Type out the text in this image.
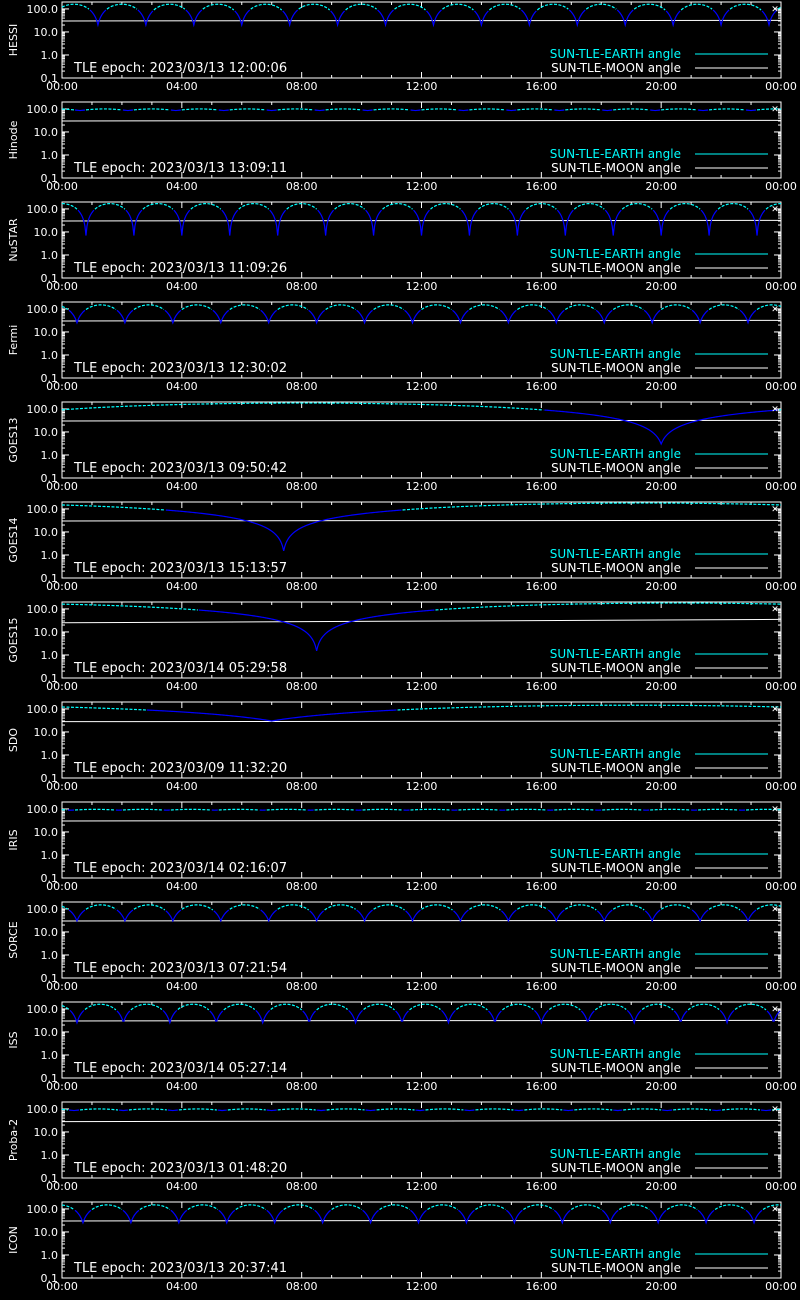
0.1
1.0
10.0
100.0
00:00	04:00	08:00	12:00	16:00	20:00	00:00
HESSI	SUN-TLE-EARTH angle
SUN-TLE-MOON angle
TLE epoch: 2023/03/13 12:00:06
✕
0.1
1.0
10.0
100.0
00:00	04:00	08:00	12:00	16:00	20:00	00:00
Hinode	SUN-TLE-EARTH angle
SUN-TLE-MOON angle
TLE epoch: 2023/03/13 13:09:11
✕
0.1
1.0
10.0
100.0
00:00	04:00	08:00	12:00	16:00	20:00	00:00
NuSTAR	SUN-TLE-EARTH angle
SUN-TLE-MOON angle
TLE epoch: 2023/03/13 11:09:26
✕
0.1
1.0
10.0
100.0
00:00	04:00	08:00	12:00	16:00	20:00	00:00
Fermi	SUN-TLE-EARTH angle
SUN-TLE-MOON angle
TLE epoch: 2023/03/13 12:30:02
✕
0.1
1.0
10.0
100.0
00:00	04:00	08:00	12:00	16:00	20:00	00:00
GOES13	SUN-TLE-EARTH angle
SUN-TLE-MOON angle
TLE epoch: 2023/03/13 09:50:42
✕
0.1
1.0
10.0
100.0
00:00	04:00	08:00	12:00	16:00	20:00	00:00
GOES14	SUN-TLE-EARTH angle
SUN-TLE-MOON angle
TLE epoch: 2023/03/13 15:13:57
✕
0.1
1.0
10.0
100.0
00:00	04:00	08:00	12:00	16:00	20:00	00:00
GOES15	SUN-TLE-EARTH angle
SUN-TLE-MOON angle
TLE epoch: 2023/03/14 05:29:58
✕
0.1
1.0
10.0
100.0
00:00	04:00	08:00	12:00	16:00	20:00	00:00
SDO
SUN-TLE-EARTH angle
SUN-TLE-MOON angle
TLE epoch: 2023/03/09 11:32:20
✕
0.1
1.0
10.0
100.0
00:00	04:00	08:00	12:00	16:00	20:00	00:00
IRIS
SUN-TLE-EARTH angle
SUN-TLE-MOON angle
TLE epoch: 2023/03/14 02:16:07
✕
0.1
1.0
10.0
100.0
00:00	04:00	08:00	12:00	16:00	20:00	00:00
SORCE	SUN-TLE-EARTH angle
SUN-TLE-MOON angle
TLE epoch: 2023/03/13 07:21:54
✕
0.1
1.0
10.0
100.0
00:00	04:00	08:00	12:00	16:00	20:00	00:00
ISS
SUN-TLE-EARTH angle
SUN-TLE-MOON angle
TLE epoch: 2023/03/14 05:27:14
✕
0.1
1.0
10.0
100.0
00:00	04:00	08:00	12:00	16:00	20:00	00:00
Proba-2	SUN-TLE-EARTH angle
SUN-TLE-MOON angle
TLE epoch: 2023/03/13 01:48:20
✕
0.1
1.0
10.0
100.0
00:00	04:00	08:00	12:00	16:00	20:00	00:00
ICON
SUN-TLE-EARTH angle
SUN-TLE-MOON angle
TLE epoch: 2023/03/13 20:37:41
✕
